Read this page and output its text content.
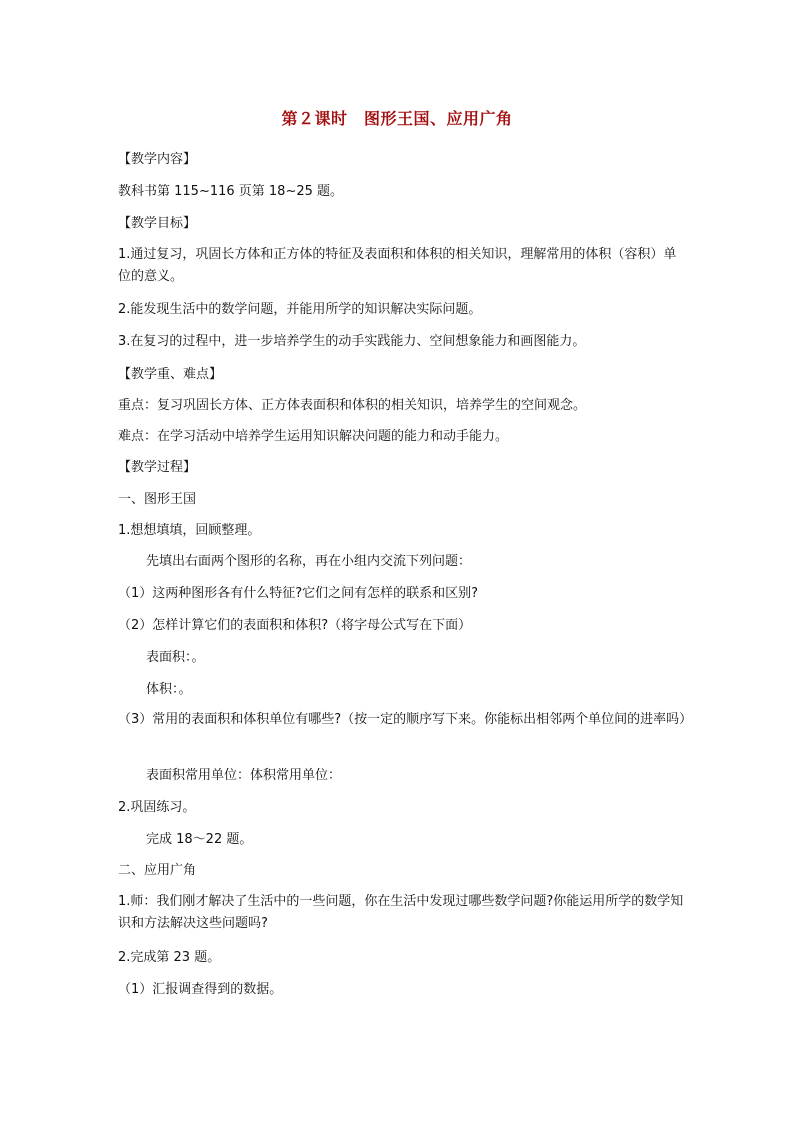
第２课时　图形王国、应用广角
【教学内容】
教科书第 115~116 页第 18~25 题。
【教学目标】
1.通过复习，巩固长方体和正方体的特征及表面积和体积的相关知识，理解常用的体积（容积）单位的意义。
2.能发现生活中的数学问题，并能用所学的知识解决实际问题。
3.在复习的过程中，进一步培养学生的动手实践能力、空间想象能力和画图能力。
【教学重、难点】
重点：复习巩固长方体、正方体表面积和体积的相关知识，培养学生的空间观念。
难点：在学习活动中培养学生运用知识解决问题的能力和动手能力。
【教学过程】
一、图形王国
1.想想填填，回顾整理。
先填出右面两个图形的名称，再在小组内交流下列问题：
（1）这两种图形各有什么特征?它们之间有怎样的联系和区别?
（2）怎样计算它们的表面积和体积?（将字母公式写在下面）
表面积：。
体积：。
（3）常用的表面积和体积单位有哪些?（按一定的顺序写下来。你能标出相邻两个单位间的进率吗）
表面积常用单位：体积常用单位：
2.巩固练习。
完成 18～22 题。
二、应用广角
1.师：我们刚才解决了生活中的一些问题，你在生活中发现过哪些数学问题?你能运用所学的数学知识和方法解决这些问题吗?
2.完成第 23 题。
（1）汇报调查得到的数据。
